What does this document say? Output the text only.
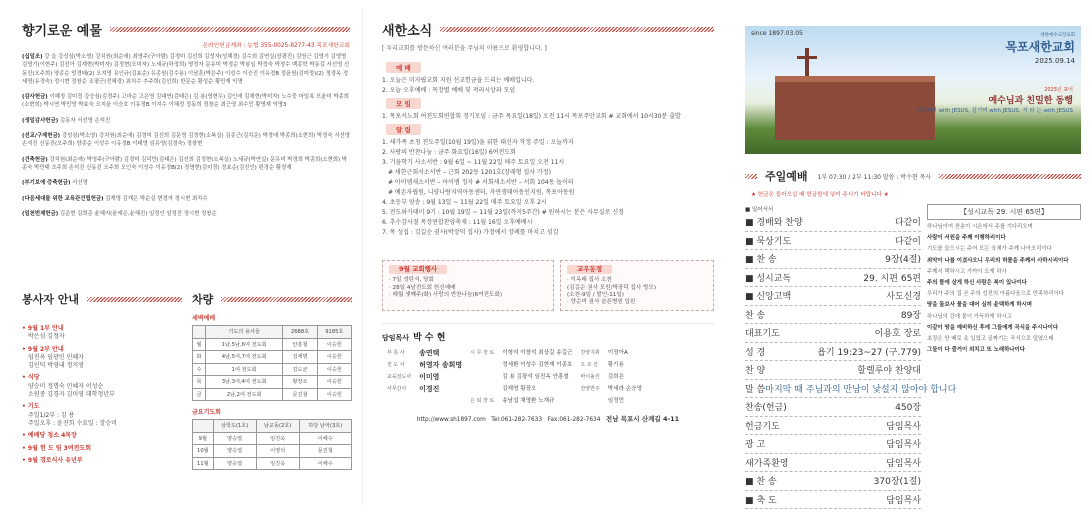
향기로운 예물
온라인헌금계좌 : 농협 355-0025-8277-43 목포새한교회

(십일조) 강 을 강성심(박소영) 강치원(최순애) 최영주(구아람) 김경미 김선희 김성자(성혜경) 김수희 김연실(장광진) 김영근 김영기 김영명 김영기(이현주) 김진아 김재현(박미자) 김정현(오미자) 노세규(하정희) 명정자 문유미 박경순 박봉임 박정숙 박정수 백종학 박동길 서선영 신동진(오주희) 양종순 엄경태(2) 오지영 유인규(김효순) 유종원(김수용) 이남훈(박은주) 이성수 이승진 이유정B 정윤원(김미정)(2) 정경옥 정세영(유경숙) 정시현 정창순 조평군(전혜경) 최치수 추주희(김선희) 한문순 황성순 황민재 익명

(감사헌금) 이혜정 김미정 강승심(김경주) 고마순 고은영 김대연(김태은) 김 용(영현두) 김인애 김재현(박미자) 노수중 마일록 모윤미 박종희(소현희) 박시연 박민영 박효숙 오지윤 이승호 이유정B 이지수 이혜정 정동희 정창순 최근영 최수민 황명재 익명3

(생일감사헌금) 김동자 서선영 손석진

(선교/구제헌금) 강성심(박소영) 강치원(최순애) 김경미 김선희 김문영 김정현(소복실) 김종근(김치운) 박경애 박종희(소현희) 박정숙 서선영 손석진 신동진(오주희) 양종순 이성수 이유정B 이태영 임유영(김정숙) 정창현

(건축헌금) 강치원(최순애) 박영주(구아람) 김경미 김덕만(김태은) 김선희 김정현(소복실) 노세규(박연실) 문유미 박경희 박종희(소현희) 박종숙 박민태 오주희 손석진 신동진 오주희 오인숙 이성수 이유정B(2) 정명현(김미정) 정효순(김진인) 편경순 황정재

(부기보에 증축헌금) 서선영

(다음세대를 위한 교육관건립헌금) 김재영 김재은 박순실 변경자 정시현 최치수

(일천번제헌금) 김준현 김희준 윤혜지(윤예은,윤혜진) 임정인 임정진 정시현 정창순

봉사자 안내
• 9월 1부 안내
박은심 김정자
• 9월 2부 안내
임진옥 임광민 민혜자
김인덕 박영내 정지영
• 식당
양승미 정명숙 민혜자 이성순
소원중 김경자 김미영 대학청년부
• 기도
주일1/2부 : 김 용
주일오후 : 윤진희 수요일 : 장승미
• 예배당 청소 4목장
• 9월 헌 도 팀 3여전도회
• 9월 경로식사 유년부
차량
세벽예배
	기도의 용사들	2688호	9185호
월	1남,5남,6여 전도회	안흥철	이승헌
화	4남,5여,7여 전도회	김재명	이승헌
수	1여 전도회	김도균	이승헌
목	3남,3여,4여 전도회	황장오	이승헌
금	2남,2여 전도회	문진철	이승헌
금요기도회
	삼학도(1호)	남교동(2호)	하당 남악(3호)
9월	양승열	임진옥	이해수
10월	양승열	이영석	문진철
11월	양승열	임진옥	이해수
새한소식
[ 우리교회를 방문하신 여러분을 주님의 이름으로 환영합니다. ]
예 배

1. 오늘은 미자립교회 지원 선교헌금을 드리는 예배입니다.

2. 오늘 오후예배 : 목장별 예배 및 적리시상과 모임

모 임

1. 목포서노회 여전도회연합회 정기모임 : 금주 목요일(18일) 오전 11시 목포주안교회 # 교회에서 10시30분 출발

알 림

1. 새가족 초청 전도주일(10월 19일)을 위한 태신자 작정 주일 : 오늘까지

2. 사랑의 반찬나눔 : 금주 화요일(16일) 6여전도회

3. 기을학기 사소서반 : 9월 6일 ~ 11월 22일 매주 토요일 오전 11시

# 새한근회서소서반 – 근회 202동 1201호(장래형 집사 가정)

# 아이엠새소서반 – 아이엠 정자 # 서회새소서반 – 서회 104동 놀이터

# 예손자립원, 니양나랑지역아동센터, 자연생태아동인지원, 목포아동원

4. 초등부 암송 : 9월 13일 ~ 11월 22일 매주 토요일 오후 2시

5. 전도와카데미 9기 : 10월 19일 ~ 11월 23일(까지5주간) # 원하시는 분은 사무실로 신청

6. 추수감사절 목장연합찬양축제 : 11월 16일 오후예배시

7. 목 성집 : 김길순 권사(박장덕 집사) 가정에서 장례를 마치고 섬김

9월 교회행사
· 7일 성탄식, 당회
· 28일 4남전도회 헌신예배
· 매월 셋째주(화) 사랑의 반찬나눔(6여전도회)
교우동정
· 이옥래 집사 소천
(김길순 권사 모친/박장덕 집사 빙모)
(소천-9일 / 발인-11일)
· 양순미 권사 슬픈병원 입원
담임목사 박 수 현
부 목 사	송연택	시 무 장 로	이형석 이창석 최상길 송길근	찬양지휘	이정아A
전 도 사	허영자 송희명		정세환 이성수 김현재 이종호	오 르 간	황기용
교육전도사	이미영		김 용 김광석 임진옥 안흥철	바이올린	김희은
사무간사	이경진		김재영 황장오	찬양반주	박세라 손승영
		은 퇴 장 로	송남섭 채영환 노재규		임정민
http://www.sh1897.com Tel:061-282-7633 Fax:061-282-7634 전남 목포시 산계길 4-11
since 1897.03.05	대한예수교장로회
목포새한교회
2025.09.14
2025년 표어
예수님과 친밀한 동행
예배하며 with JESUS, 섬기며 with JESUS, 자 라 는 with JESUS
주일예배 1부 07:30 / 2부 11:30 말씀 : 박수현 목사
★ 헌금은 들어오실 때 헌금함에 넣어 주시기 바랍니다 ★
■ 일어서서
■ 경배와 찬양	다같이
■ 묵상기도	다같이
■ 찬 송	9장(4절)
■ 성시교독	29. 시편 65편
■ 신앙고백	사도신경
찬 송	89장
대표기도	이용호 장로
성 경	욥기 19:23~27 (구.779)
찬 양	할렐루야 찬양대
말 씀 마지막 때 주님과의 만남이 낯설지 않아야 합니다
찬송(헌금)	450장
헌금기도	담임목사
광 고	담임목사
새가족환영	담임목사
■ 찬 송	370장(1절)
■ 축 도	담임목사
【성시교독 29. 시편 65편】

하나님이여 찬송이 시온에서 주를 기다리오며

사람이 서원을 주께 이행하리이다

기도를 들으시는 주여 모든 육체가 주께 나아오리이다

죄악이 나를 이겼사오니 우리의 허물을 주께서 사하시리이다

주께서 택하시고 가까이 오게 하사

주의 뜰에 살게 하신 사람은 복이 있나이다

우리가 주의 집 곧 주의 성전의 아름다움으로 만족하리이다

땅을 돌보사 물을 대어 심히 윤택하게 하시며

하나님의 강에 물이 가득하게 하시고

이같이 땅을 예비하신 후에 그들에게 곡식을 주시나이다

초장은 양 떼로 옷 입었고 골짜기는 곡식으로 덮였으매

그들이 다 즐거이 외치고 또 노래하나이다
